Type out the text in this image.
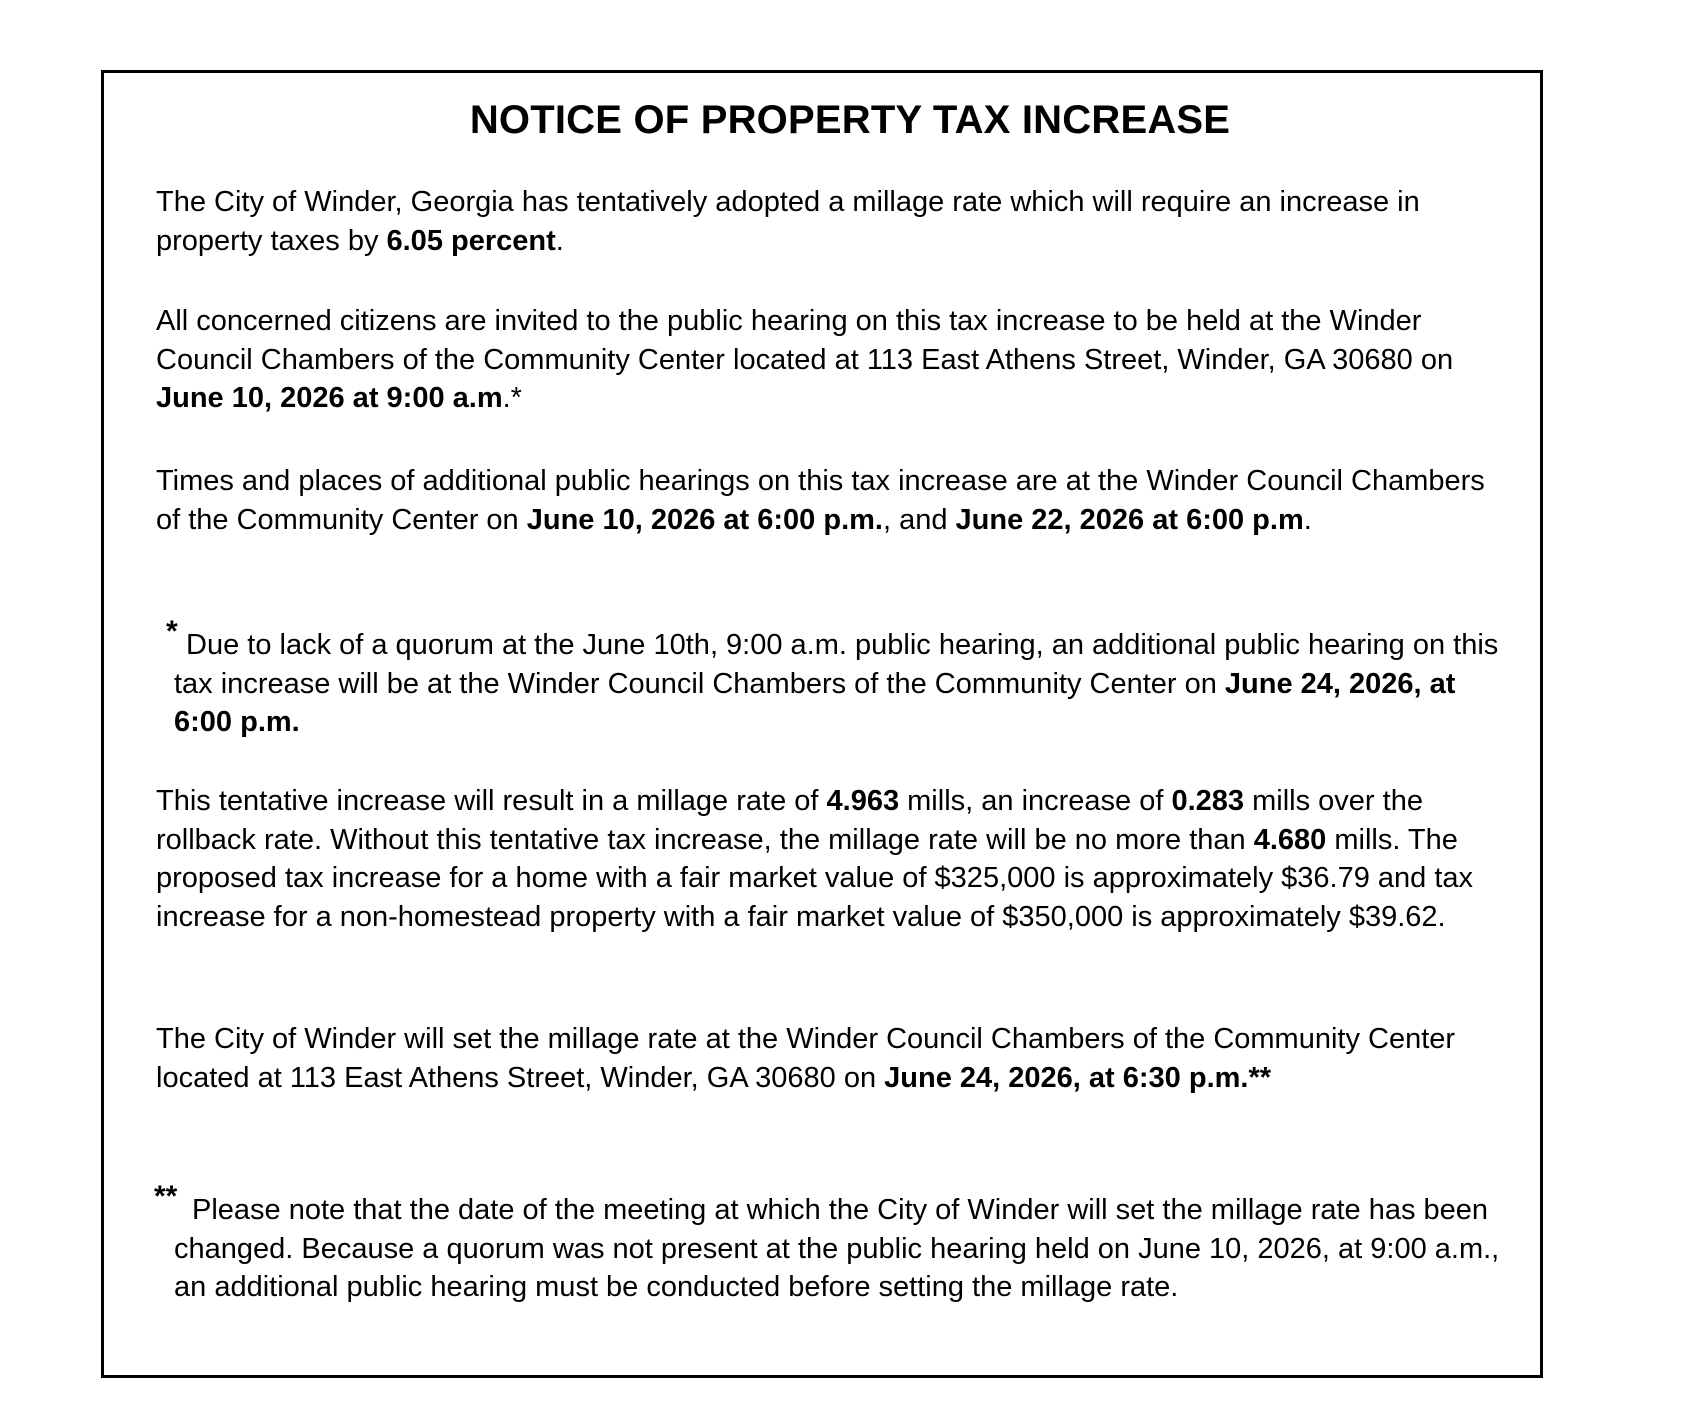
NOTICE OF PROPERTY TAX INCREASE

The City of Winder, Georgia has tentatively adopted a millage rate which will require an increase in property taxes by 6.05 percent.

All concerned citizens are invited to the public hearing on this tax increase to be held at the Winder Council Chambers of the Community Center located at 113 East Athens Street, Winder, GA 30680 on June 10, 2026 at 9:00 a.m.*

Times and places of additional public hearings on this tax increase are at the Winder Council Chambers of the Community Center on June 10, 2026 at 6:00 p.m., and June 22, 2026 at 6:00 p.m.

* Due to lack of a quorum at the June 10th, 9:00 a.m. public hearing, an additional public hearing on this tax increase will be at the Winder Council Chambers of the Community Center on June 24, 2026, at 6:00 p.m.

This tentative increase will result in a millage rate of 4.963 mills, an increase of 0.283 mills over the rollback rate. Without this tentative tax increase, the millage rate will be no more than 4.680 mills. The proposed tax increase for a home with a fair market value of $325,000 is approximately $36.79 and tax increase for a non-homestead property with a fair market value of $350,000 is approximately $39.62.

The City of Winder will set the millage rate at the Winder Council Chambers of the Community Center located at 113 East Athens Street, Winder, GA 30680 on June 24, 2026, at 6:30 p.m.**

** Please note that the date of the meeting at which the City of Winder will set the millage rate has been changed. Because a quorum was not present at the public hearing held on June 10, 2026, at 9:00 a.m., an additional public hearing must be conducted before setting the millage rate.
